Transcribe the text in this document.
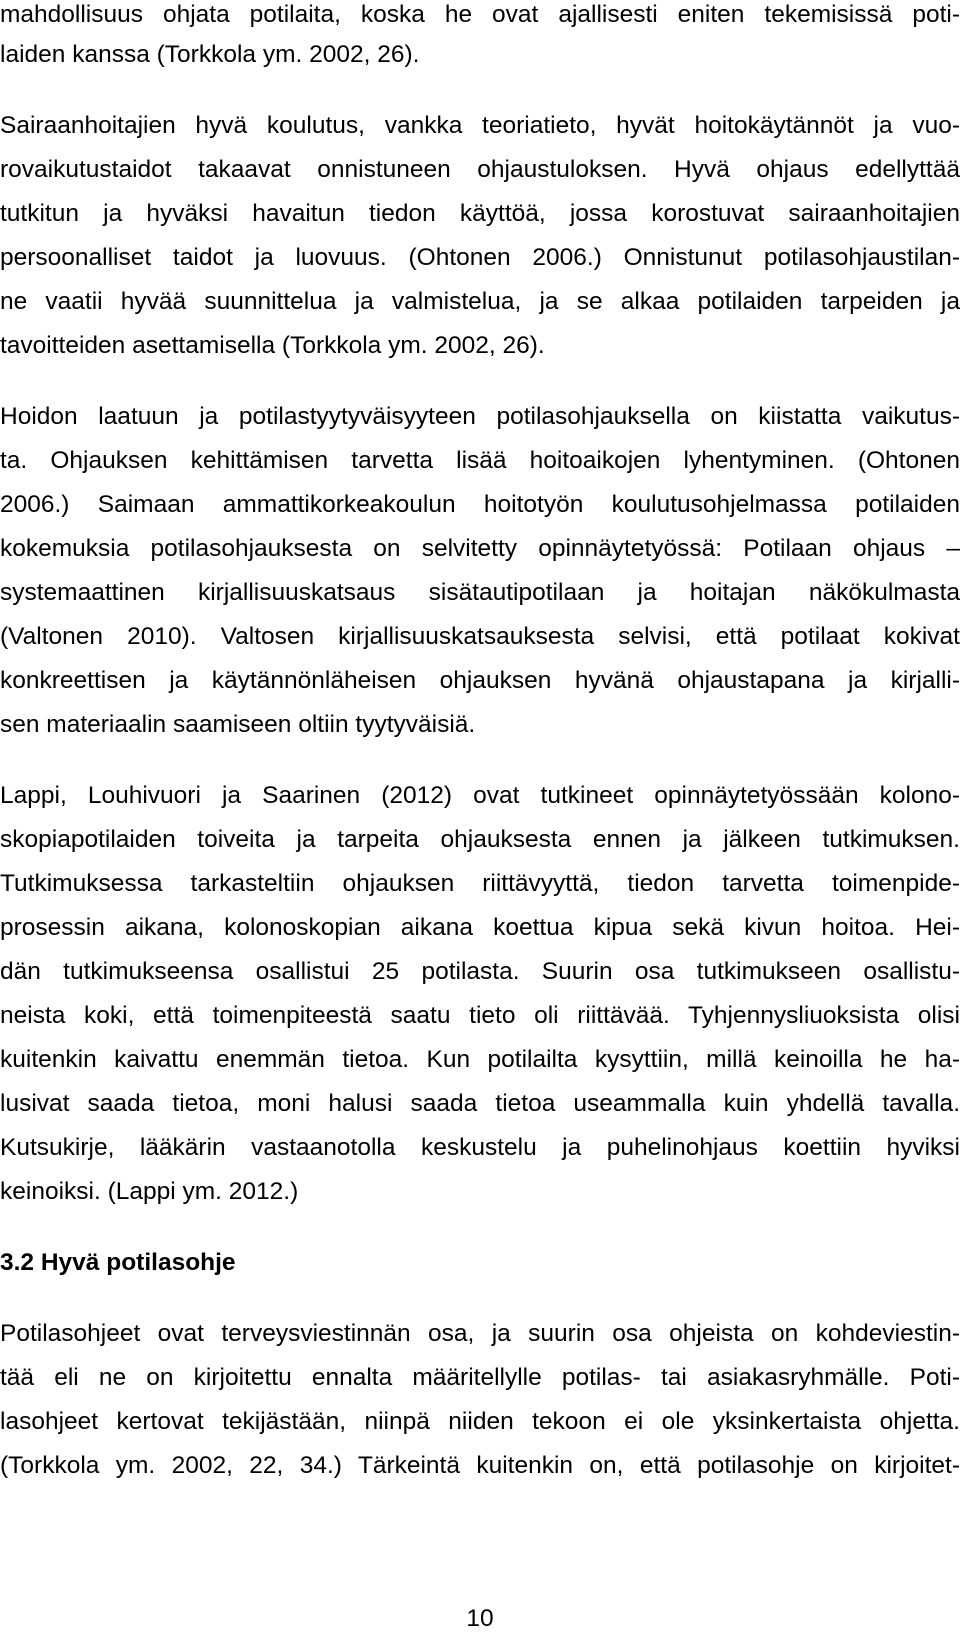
mahdollisuus ohjata potilaita, koska he ovat ajallisesti eniten tekemisissä poti-
laiden kanssa (Torkkola ym. 2002, 26).
Sairaanhoitajien hyvä koulutus, vankka teoriatieto, hyvät hoitokäytännöt ja vuo-
rovaikutustaidot takaavat onnistuneen ohjaustuloksen. Hyvä ohjaus edellyttää
tutkitun ja hyväksi havaitun tiedon käyttöä, jossa korostuvat sairaanhoitajien
persoonalliset taidot ja luovuus. (Ohtonen 2006.) Onnistunut potilasohjaustilan-
ne vaatii hyvää suunnittelua ja valmistelua, ja se alkaa potilaiden tarpeiden ja
tavoitteiden asettamisella (Torkkola ym. 2002, 26).
Hoidon laatuun ja potilastyytyväisyyteen potilasohjauksella on kiistatta vaikutus-
ta. Ohjauksen kehittämisen tarvetta lisää hoitoaikojen lyhentyminen. (Ohtonen
2006.) Saimaan ammattikorkeakoulun hoitotyön koulutusohjelmassa potilaiden
kokemuksia potilasohjauksesta on selvitetty opinnäytetyössä: Potilaan ohjaus –
systemaattinen kirjallisuuskatsaus sisätautipotilaan ja hoitajan näkökulmasta
(Valtonen 2010). Valtosen kirjallisuuskatsauksesta selvisi, että potilaat kokivat
konkreettisen ja käytännönläheisen ohjauksen hyvänä ohjaustapana ja kirjalli-
sen materiaalin saamiseen oltiin tyytyväisiä.
Lappi, Louhivuori ja Saarinen (2012) ovat tutkineet opinnäytetyössään kolono-
skopiapotilaiden toiveita ja tarpeita ohjauksesta ennen ja jälkeen tutkimuksen.
Tutkimuksessa tarkasteltiin ohjauksen riittävyyttä, tiedon tarvetta toimenpide-
prosessin aikana, kolonoskopian aikana koettua kipua sekä kivun hoitoa. Hei-
dän tutkimukseensa osallistui 25 potilasta. Suurin osa tutkimukseen osallistu-
neista koki, että toimenpiteestä saatu tieto oli riittävää. Tyhjennysliuoksista olisi
kuitenkin kaivattu enemmän tietoa. Kun potilailta kysyttiin, millä keinoilla he ha-
lusivat saada tietoa, moni halusi saada tietoa useammalla kuin yhdellä tavalla.
Kutsukirje, lääkärin vastaanotolla keskustelu ja puhelinohjaus koettiin hyviksi
keinoiksi. (Lappi ym. 2012.)
3.2 Hyvä potilasohje
Potilasohjeet ovat terveysviestinnän osa, ja suurin osa ohjeista on kohdeviestin-
tää eli ne on kirjoitettu ennalta määritellylle potilas- tai asiakasryhmälle. Poti-
lasohjeet kertovat tekijästään, niinpä niiden tekoon ei ole yksinkertaista ohjetta.
(Torkkola ym. 2002, 22, 34.) Tärkeintä kuitenkin on, että potilasohje on kirjoitet-
10
